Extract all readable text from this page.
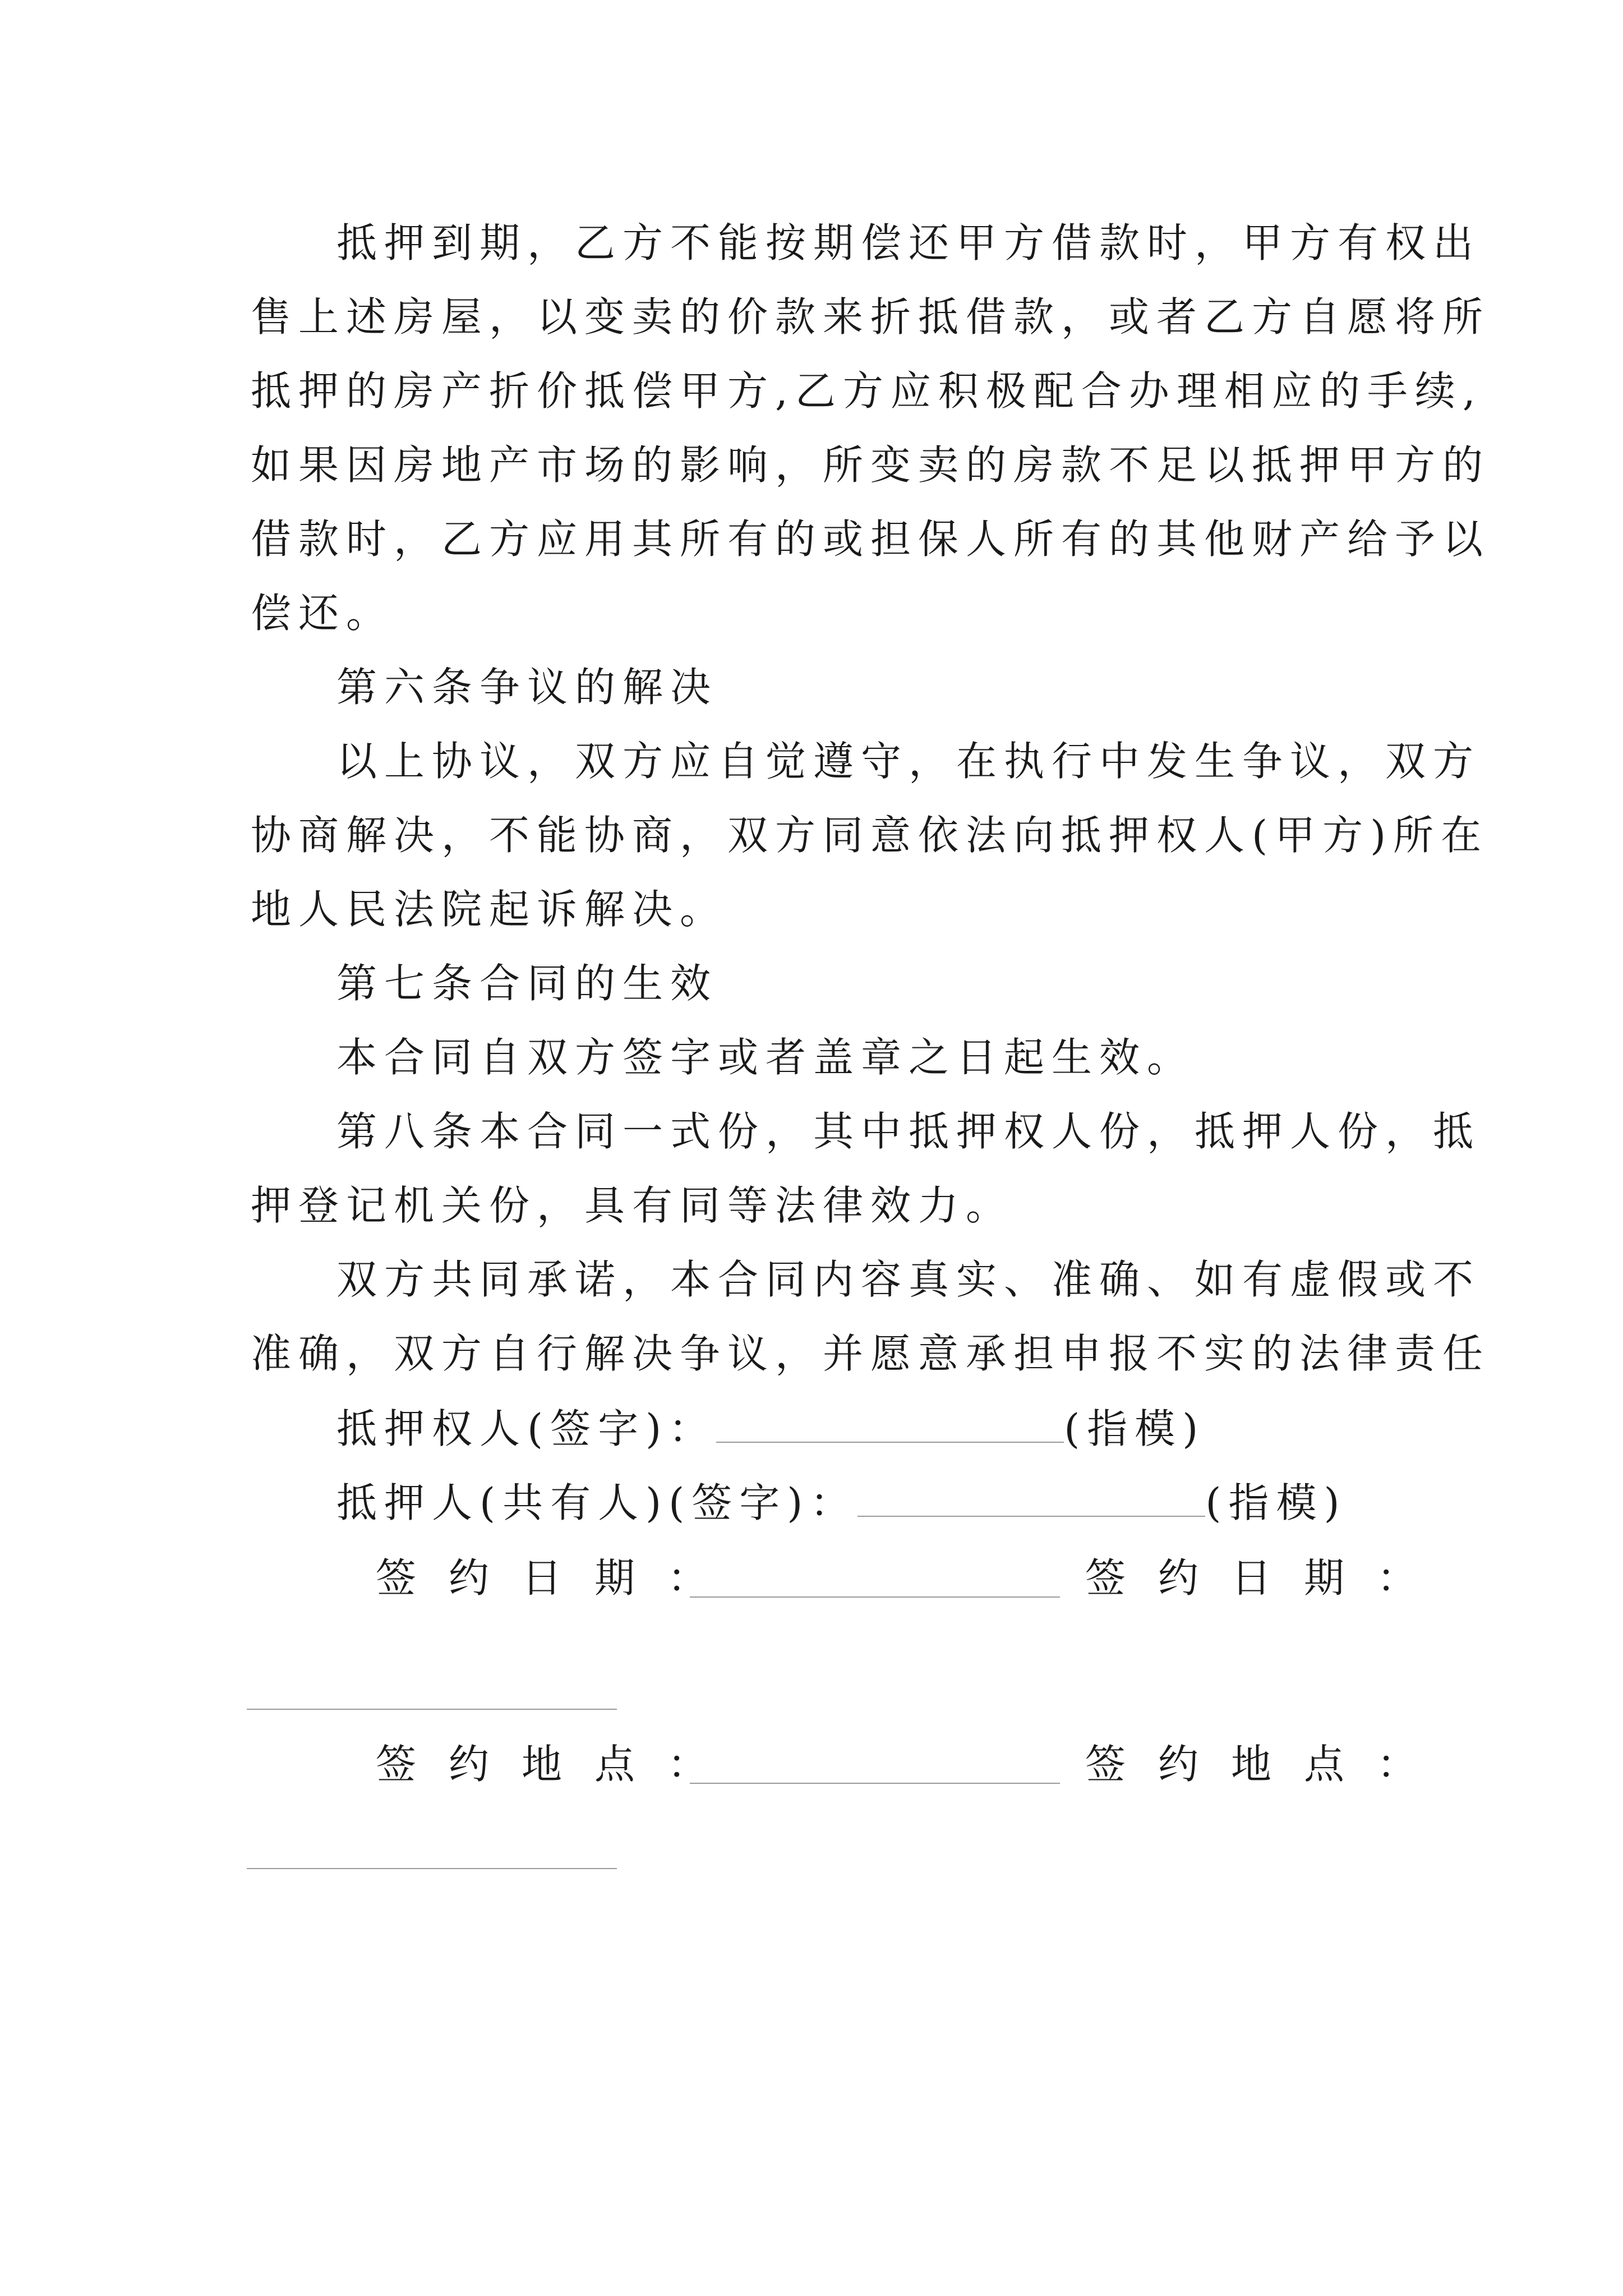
抵押到期，乙方不能按期偿还甲方借款时，甲方有权出
售上述房屋，以变卖的价款来折抵借款，或者乙方自愿将所
抵押的房产折价抵偿甲方,乙方应积极配合办理相应的手续,
如果因房地产市场的影响，所变卖的房款不足以抵押甲方的
借款时，乙方应用其所有的或担保人所有的其他财产给予以
偿还。
第六条争议的解决
以上协议，双方应自觉遵守，在执行中发生争议，双方
协商解决，不能协商，双方同意依法向抵押权人(甲方)所在
地人民法院起诉解决。
第七条合同的生效
本合同自双方签字或者盖章之日起生效。
第八条本合同一式份，其中抵押权人份，抵押人份，抵
押登记机关份，具有同等法律效力。
双方共同承诺，本合同内容真实、准确、如有虚假或不
准确，双方自行解决争议，并愿意承担申报不实的法律责任
抵押权人(签字)：	(指模)
抵押人(共有人)(签字)：	(指模)
签约日期：	签约日期：
签约地点：	签约地点：
